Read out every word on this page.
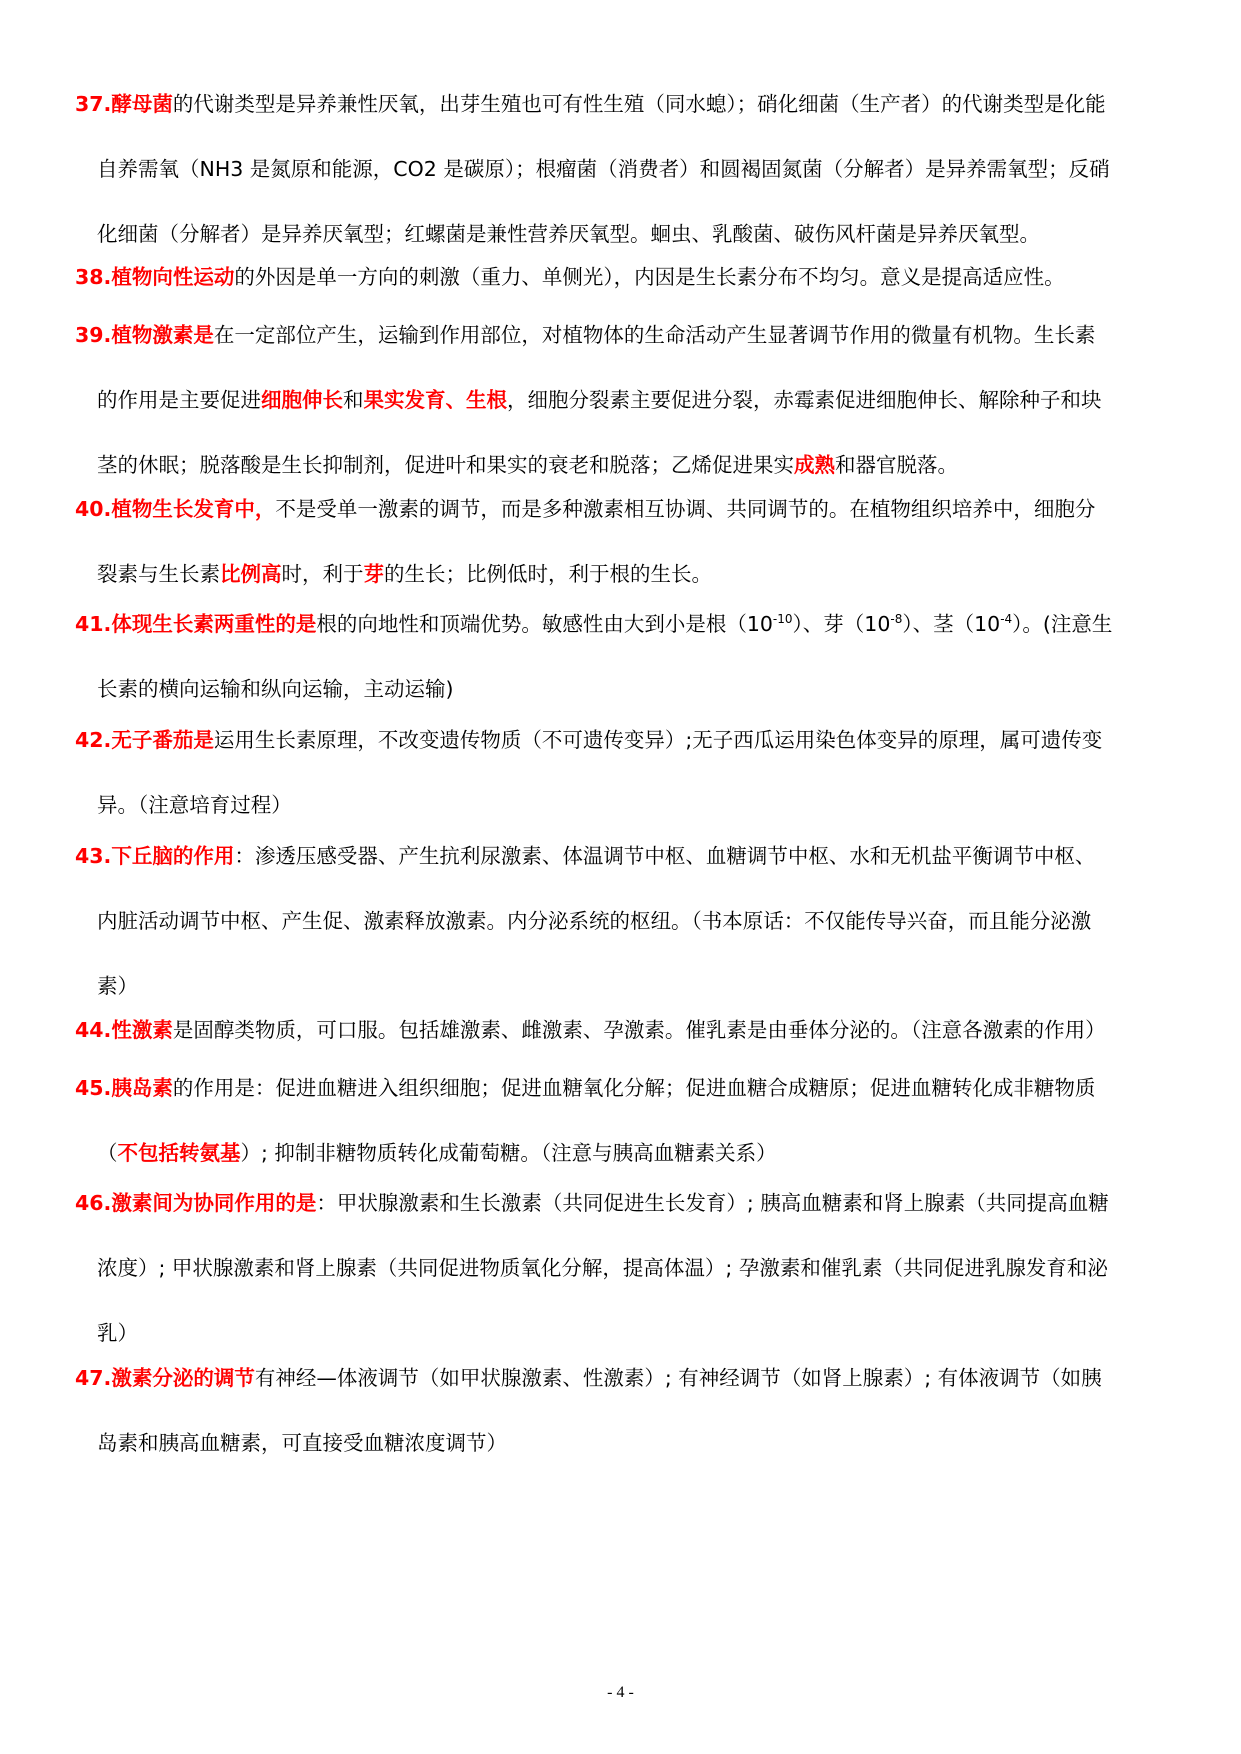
37.酵母菌的代谢类型是异养兼性厌氧，出芽生殖也可有性生殖（同水螅）；硝化细菌（生产者）的代谢类型是化能
自养需氧（NH3 是氮原和能源，CO2 是碳原）；根瘤菌（消费者）和圆褐固氮菌（分解者）是异养需氧型；反硝
化细菌（分解者）是异养厌氧型；红螺菌是兼性营养厌氧型。蛔虫、乳酸菌、破伤风杆菌是异养厌氧型。
38.植物向性运动的外因是单一方向的刺激（重力、单侧光），内因是生长素分布不均匀。意义是提高适应性。
39.植物激素是在一定部位产生，运输到作用部位，对植物体的生命活动产生显著调节作用的微量有机物。生长素
的作用是主要促进细胞伸长和果实发育、生根，细胞分裂素主要促进分裂，赤霉素促进细胞伸长、解除种子和块
茎的休眠；脱落酸是生长抑制剂，促进叶和果实的衰老和脱落；乙烯促进果实成熟和器官脱落。
40.植物生长发育中，不是受单一激素的调节，而是多种激素相互协调、共同调节的。在植物组织培养中，细胞分
裂素与生长素比例高时，利于芽的生长；比例低时，利于根的生长。
41.体现生长素两重性的是根的向地性和顶端优势。敏感性由大到小是根$(10^{-10})$、芽$(10^{-8})$、茎$(10^{-4})$。(注意生
长素的横向运输和纵向运输，主动运输)
42.无子番茄是运用生长素原理，不改变遗传物质（不可遗传变异）;无子西瓜运用染色体变异的原理，属可遗传变
异。（注意培育过程）
43.下丘脑的作用：渗透压感受器、产生抗利尿激素、体温调节中枢、血糖调节中枢、水和无机盐平衡调节中枢、
内脏活动调节中枢、产生促、激素释放激素。内分泌系统的枢纽。（书本原话：不仅能传导兴奋，而且能分泌激
素）
44.性激素是固醇类物质，可口服。包括雄激素、雌激素、孕激素。催乳素是由垂体分泌的。（注意各激素的作用）
45.胰岛素的作用是：促进血糖进入组织细胞；促进血糖氧化分解；促进血糖合成糖原；促进血糖转化成非糖物质
（不包括转氨基）; 抑制非糖物质转化成葡萄糖。（注意与胰高血糖素关系）
46.激素间为协同作用的是：甲状腺激素和生长激素（共同促进生长发育）; 胰高血糖素和肾上腺素（共同提高血糖
浓度）; 甲状腺激素和肾上腺素（共同促进物质氧化分解，提高体温）; 孕激素和催乳素（共同促进乳腺发育和泌
乳）
47.激素分泌的调节有神经—体液调节（如甲状腺激素、性激素）; 有神经调节（如肾上腺素）; 有体液调节（如胰
岛素和胰高血糖素，可直接受血糖浓度调节）
- 4 -
